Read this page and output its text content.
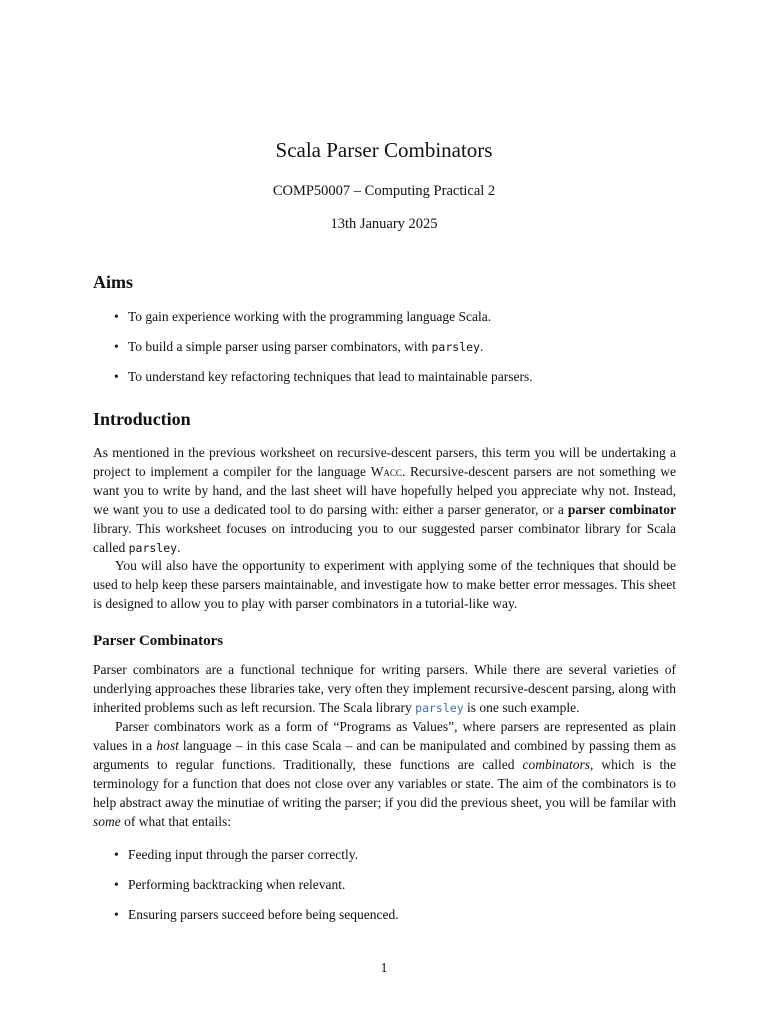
Scala Parser Combinators
COMP50007 – Computing Practical 2
13th January 2025
Aims
• To gain experience working with the programming language Scala.
• To build a simple parser using parser combinators, with parsley.
• To understand key refactoring techniques that lead to maintainable parsers.
Introduction

As mentioned in the previous worksheet on recursive-descent parsers, this term you will be undertaking a project to implement a compiler for the language Wacc. Recursive-descent parsers are not something we want you to write by hand, and the last sheet will have hopefully helped you appreciate why not. Instead, we want you to use a dedicated tool to do parsing with: either a parser generator, or a parser combinator library. This worksheet focuses on introducing you to our suggested parser combinator library for Scala called parsley.

You will also have the opportunity to experiment with applying some of the techniques that should be used to help keep these parsers maintainable, and investigate how to make better error messages. This sheet is designed to allow you to play with parser combinators in a tutorial-like way.

Parser Combinators

Parser combinators are a functional technique for writing parsers. While there are several varieties of underlying approaches these libraries take, very often they implement recursive-descent parsing, along with inherited problems such as left recursion. The Scala library parsley is one such example.

Parser combinators work as a form of “Programs as Values”, where parsers are represented as plain values in a host language – in this case Scala – and can be manipulated and combined by passing them as arguments to regular functions. Traditionally, these functions are called combinators, which is the terminology for a function that does not close over any variables or state. The aim of the combinators is to help abstract away the minutiae of writing the parser; if you did the previous sheet, you will be familar with some of what that entails:

• Feeding input through the parser correctly.
• Performing backtracking when relevant.
• Ensuring parsers succeed before being sequenced.
1
